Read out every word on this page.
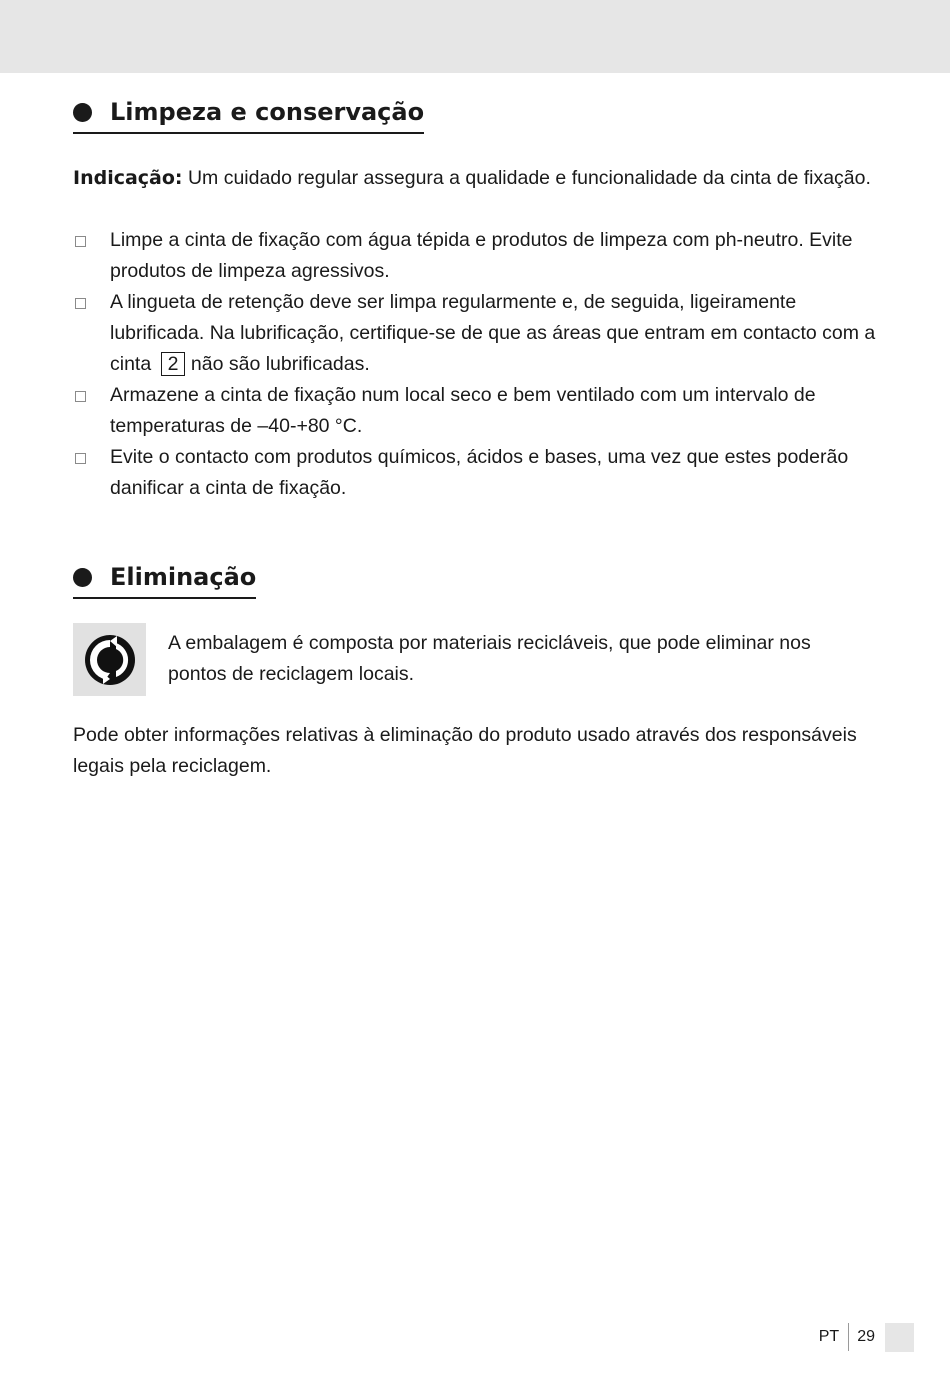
Limpeza e conservação
Indicação: Um cuidado regular assegura a qualidade e funcionalidade da cinta de fixação.
Limpe a cinta de fixação com água tépida e produtos de limpeza com ph-neutro. Evite produtos de limpeza agressivos.
A lingueta de retenção deve ser limpa regularmente e, de seguida, ligeiramente lubrificada. Na lubrificação, certifique-se de que as áreas que entram em contacto com a cinta 2 não são lubrificadas.
Armazene a cinta de fixação num local seco e bem ventilado com um intervalo de temperaturas de –40-+80 °C.
Evite o contacto com produtos químicos, ácidos e bases, uma vez que estes poderão danificar a cinta de fixação.
Eliminação
A embalagem é composta por materiais recicláveis, que pode eliminar nos pontos de reciclagem locais.
Pode obter informações relativas à eliminação do produto usado através dos responsáveis legais pela reciclagem.
PT	29
